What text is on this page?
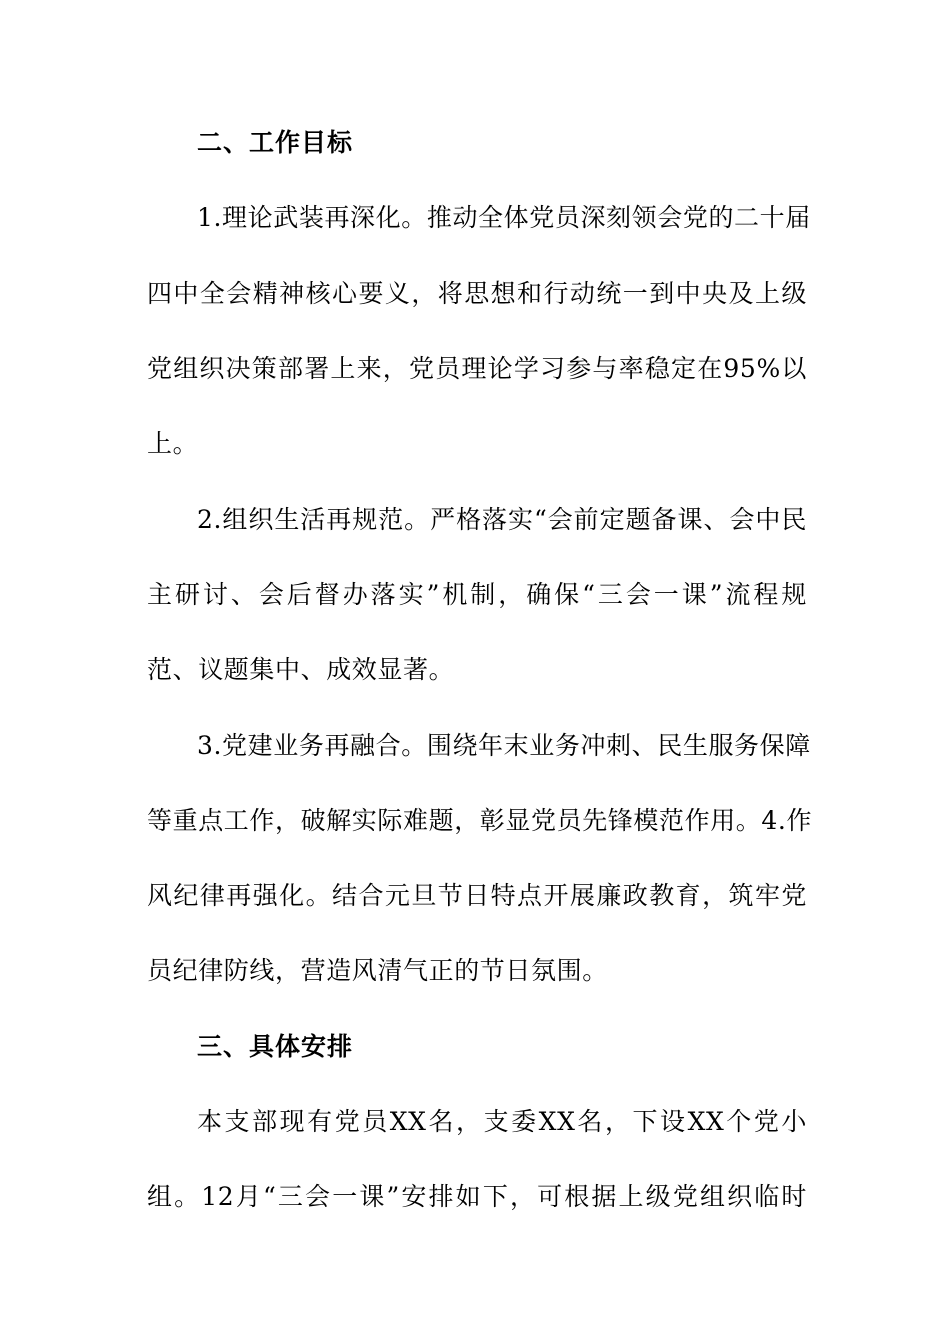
二、工作目标
1.理论武装再深化。推动全体党员深刻领会党的二十届
四中全会精神核心要义，将思想和行动统一到中央及上级
党组织决策部署上来，党员理论学习参与率稳定在95%以
上。
2.组织生活再规范。严格落实“会前定题备课、会中民
主研讨、会后督办落实”机制，确保“三会一课”流程规
范、议题集中、成效显著。
3.党建业务再融合。围绕年末业务冲刺、民生服务保障
等重点工作，破解实际难题，彰显党员先锋模范作用。4.作
风纪律再强化。结合元旦节日特点开展廉政教育，筑牢党
员纪律防线，营造风清气正的节日氛围。
三、具体安排
本支部现有党员XX名，支委XX名，下设XX个党小
组。12月“三会一课”安排如下，可根据上级党组织临时
